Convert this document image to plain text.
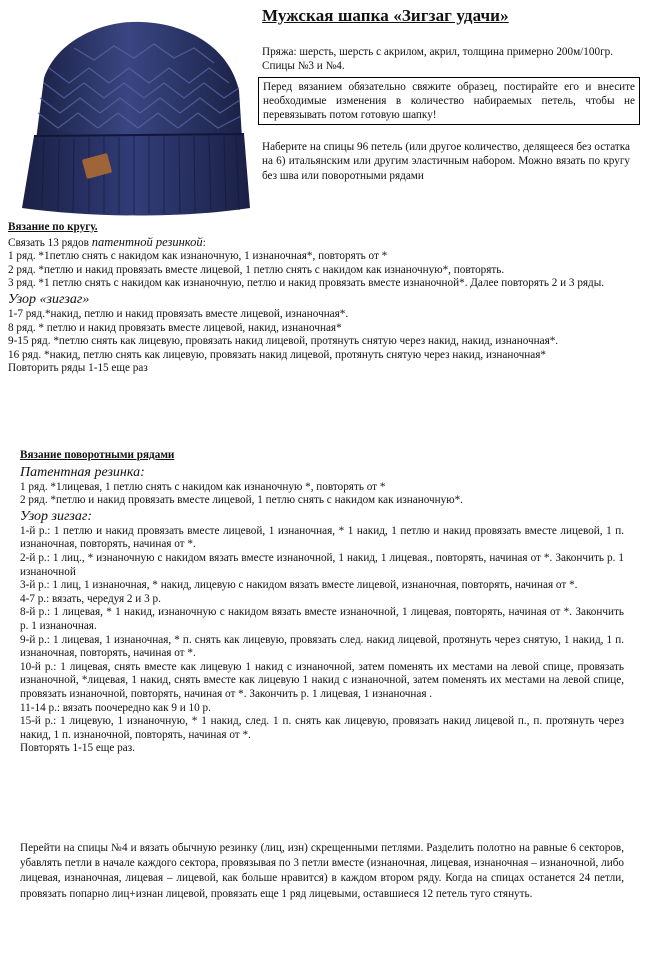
Мужская шапка «Зигзаг удачи»
Пряжа: шерсть, шерсть с акрилом, акрил, толщина примерно 200м/100гр. Спицы №3 и №4.
Перед вязанием обязательно свяжите образец, постирайте его и внесите необходимые изменения в количество набираемых петель, чтобы не перевязывать потом готовую шапку!
Наберите на спицы 96 петель (или другое количество, делящееся без остатка на 6) итальянским или другим эластичным набором. Можно вязать по кругу без шва или поворотными рядами
Вязание по кругу.

Связать 13 рядов патентной резинкой:

1 ряд. *1петлю снять с накидом как изнаночную, 1 изнаночная*, повторять от *

2 ряд. *петлю и накид провязать вместе лицевой, 1 петлю снять с накидом как изнаночную*, повторять.

3 ряд. *1 петлю снять с накидом как изнаночную, петлю и накид провязать вместе изнаночной*. Далее повторять 2 и 3 ряды.

Узор «зигзаг»

1-7 ряд.*накид, петлю и накид провязать вместе лицевой, изнаночная*.

8 ряд. * петлю и накид провязать вместе лицевой, накид, изнаночная*

9-15 ряд. *петлю снять как лицевую, провязать накид лицевой, протянуть снятую через накид, накид, изнаночная*.

16 ряд. *накид, петлю снять как лицевую, провязать накид лицевой, протянуть снятую через накид, изнаночная*

Повторить ряды 1-15 еще раз

Вязание поворотными рядами

Патентная резинка:

1 ряд. *1лицевая, 1 петлю снять с накидом как изнаночную *, повторять от *

2 ряд. *петлю и накид провязать вместе лицевой, 1 петлю снять с накидом как изнаночную*.

Узор зигзаг:

1-й р.: 1 петлю и накид провязать вместе лицевой, 1 изнаночная, * 1 накид, 1 петлю и накид провязать вместе лицевой, 1 п. изнаночная, повторять, начиная от *.

2-й р.: 1 лиц., * изнаночную с накидом вязать вместе изнаночной, 1 накид, 1 лицевая., повторять, начиная от *. Закончить р. 1 изнаночной

3-й р.: 1 лиц, 1 изнаночная, * накид, лицевую с накидом вязать вместе лицевой, изнаночная, повторять, начиная от *.

4-7 р.: вязать, чередуя 2 и 3 р.

8-й р.: 1 лицевая, * 1 накид, изнаночную с накидом вязать вместе изнаночной, 1 лицевая, повторять, начиная от *. Закончить р. 1 изнаночная.

9-й р.: 1 лицевая, 1 изнаночная, * п. снять как лицевую, провязать след. накид лицевой, протянуть через снятую, 1 накид, 1 п. изнаночная, повторять, начиная от *.

10-й р.: 1 лицевая, снять вместе как лицевую 1 накид с изнаночной, затем поменять их местами на левой спице, провязать изнаночной, *лицевая, 1 накид, снять вместе как лицевую 1 накид с изнаночной, затем поменять их местами на левой спице, провязать изнаночной, повторять, начиная от *. Закончить р. 1 лицевая, 1 изнаночная .

11-14 р.: вязать поочередно как 9 и 10 р.

15-й р.: 1 лицевую, 1 изнаночную, * 1 накид, след. 1 п. снять как лицевую, провязать накид лицевой п., п. протянуть через накид, 1 п. изнаночной, повторять, начиная от *.

Повторять 1-15 еще раз.

Перейти на спицы №4 и вязать обычную резинку (лиц, изн) скрещенными петлями. Разделить полотно на равные 6 секторов, убавлять петли в начале каждого сектора, провязывая по 3 петли вместе (изнаночная, лицевая, изнаночная – изнаночной, либо лицевая, изнаночная, лицевая – лицевой, как больше нравится) в каждом втором ряду. Когда на спицах останется 24 петли, провязать попарно лиц+изнан лицевой, провязать еще 1 ряд лицевыми, оставшиеся 12 петель туго стянуть.
